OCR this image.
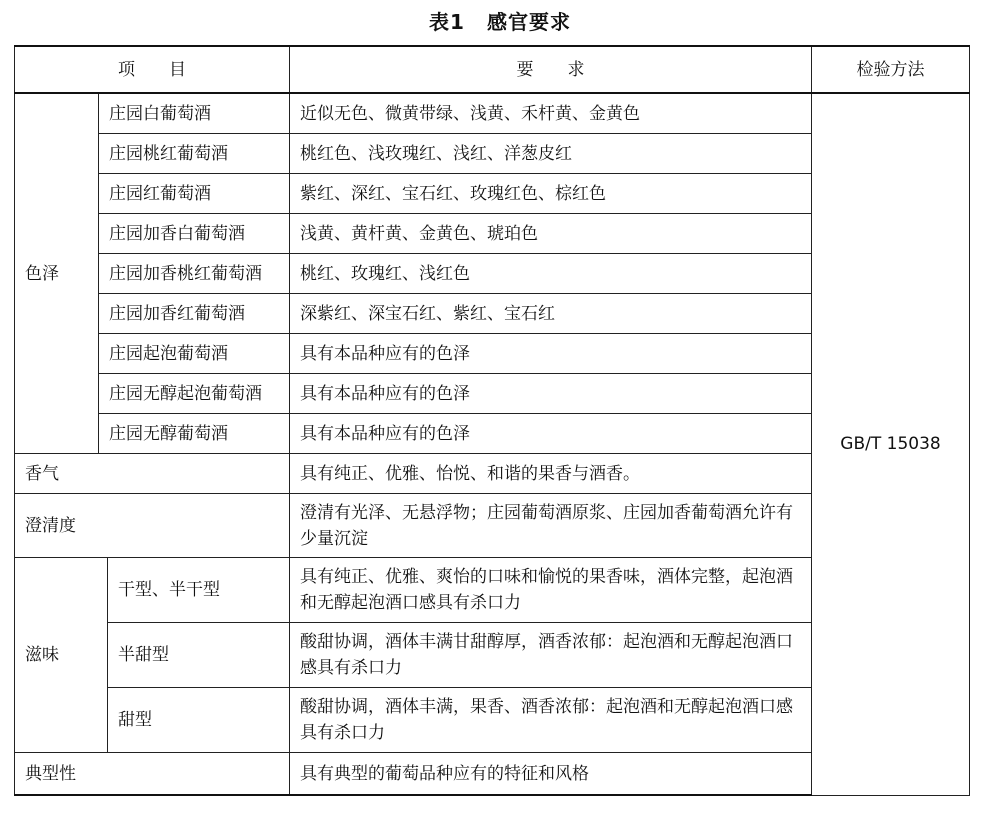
表1 感官要求
项　　目			要　　求	检验方法
色泽	庄园白葡萄酒		近似无色、微黄带绿、浅黄、禾杆黄、金黄色	GB/T 15038
	庄园桃红葡萄酒		桃红色、浅玫瑰红、浅红、洋葱皮红	
	庄园红葡萄酒		紫红、深红、宝石红、玫瑰红色、棕红色	
	庄园加香白葡萄酒		浅黄、黄杆黄、金黄色、琥珀色	
	庄园加香桃红葡萄酒		桃红、玫瑰红、浅红色	
	庄园加香红葡萄酒		深紫红、深宝石红、紫红、宝石红	
	庄园起泡葡萄酒		具有本品种应有的色泽	
	庄园无醇起泡葡萄酒		具有本品种应有的色泽	
	庄园无醇葡萄酒		具有本品种应有的色泽	
香气			具有纯正、优雅、怡悦、和谐的果香与酒香。	
澄清度			澄清有光泽、无悬浮物；庄园葡萄酒原浆、庄园加香葡萄酒允许有少量沉淀	
滋味		干型、半干型	具有纯正、优雅、爽怡的口味和愉悦的果香味，酒体完整，起泡酒和无醇起泡酒口感具有杀口力	
		半甜型	酸甜协调，酒体丰满甘甜醇厚，酒香浓郁：起泡酒和无醇起泡酒口感具有杀口力	
		甜型	酸甜协调，酒体丰满，果香、酒香浓郁：起泡酒和无醇起泡酒口感具有杀口力	
典型性			具有典型的葡萄品种应有的特征和风格	
